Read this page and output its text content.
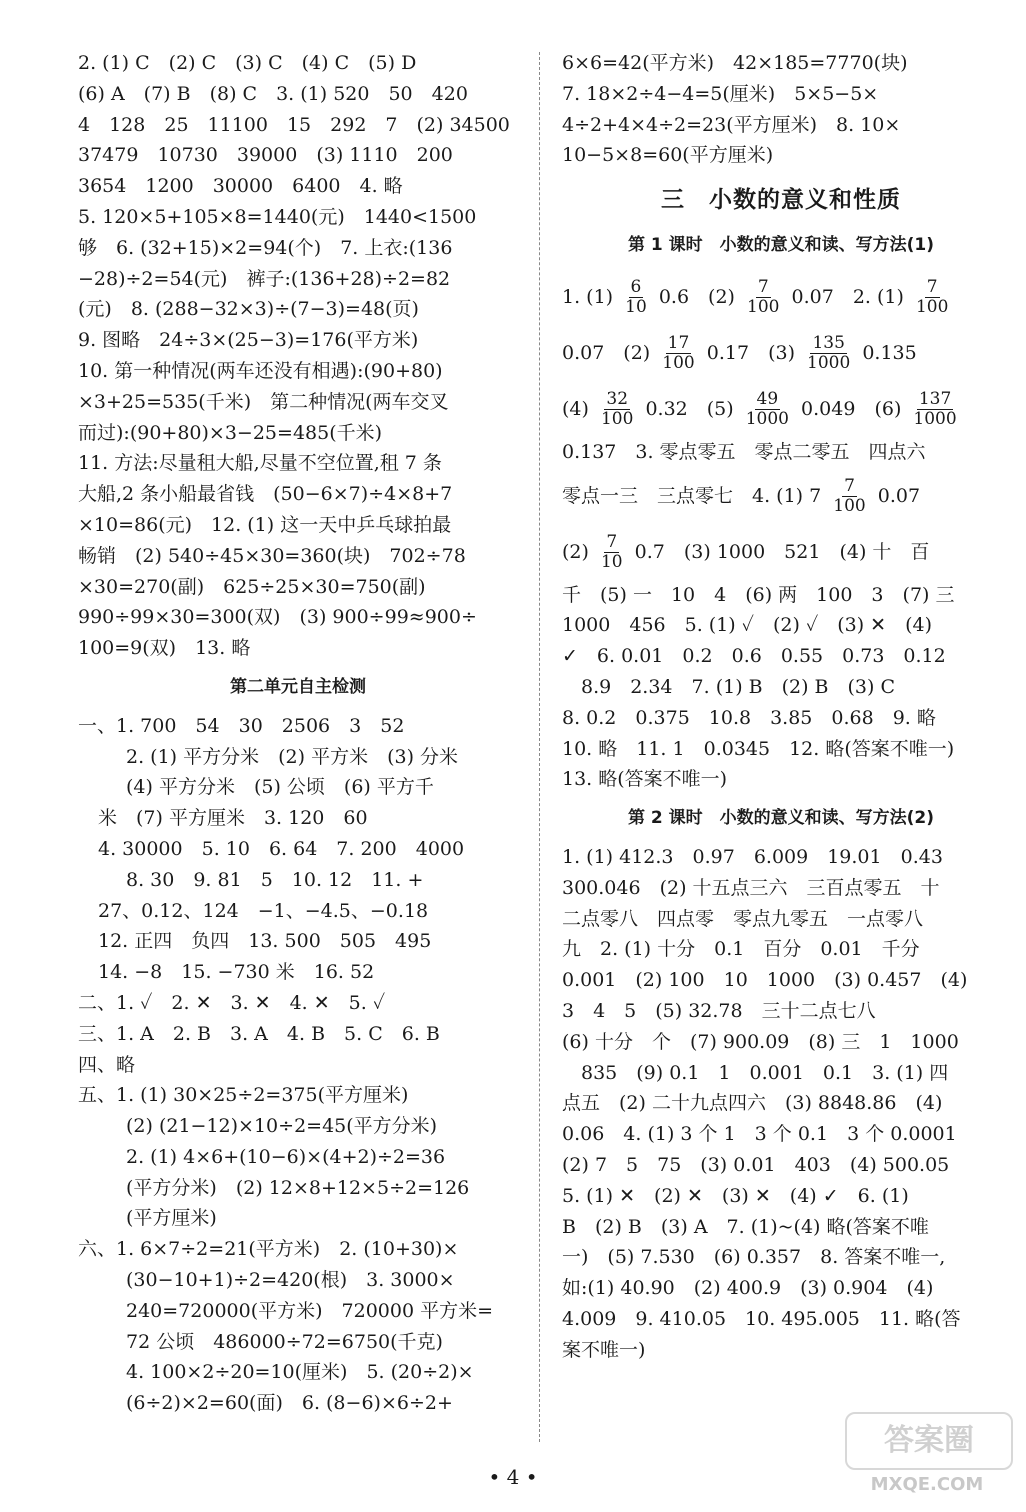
2. (1) C　(2) C　(3) C　(4) C　(5) D
(6) A　(7) B　(8) C　3. (1) 520　50　420
4　128　25　11100　15　292　7　(2) 34500
37479　10730　39000　(3) 1110　200
3654　1200　30000　6400　4. 略
5. 120×5+105×8=1440(元)　1440<1500
够　6. (32+15)×2=94(个)　7. 上衣:(136
−28)÷2=54(元)　裤子:(136+28)÷2=82
(元)　8. (288−32×3)÷(7−3)=48(页)
9. 图略　24÷3×(25−3)=176(平方米)
10. 第一种情况(两车还没有相遇):(90+80)
×3+25=535(千米)　第二种情况(两车交叉
而过):(90+80)×3−25=485(千米)
11. 方法:尽量租大船,尽量不空位置,租 7 条
大船,2 条小船最省钱　(50−6×7)÷4×8+7
×10=86(元)　12. (1) 这一天中乒乓球拍最
畅销　(2) 540÷45×30=360(块)　702÷78
×30=270(副)　625÷25×30=750(副)
990÷99×30=300(双)　(3) 900÷99≈900÷
100=9(双)　13. 略
第二单元自主检测
一、1. 700　54　30　2506　3　52
2. (1) 平方分米　(2) 平方米　(3) 分米
(4) 平方分米　(5) 公顷　(6) 平方千
米　(7) 平方厘米　3. 120　60
4. 30000　5. 10　6. 64　7. 200　4000
8. 30　9. 81　5　10. 12　11. +
27、0.12、124　−1、−4.5、−0.18
12. 正四　负四　13. 500　505　495
14. −8　15. −730 米　16. 52
二、1. ✓　2. ✕　3. ✕　4. ✕　5. ✓
三、1. A　2. B　3. A　4. B　5. C　6. B
四、略
五、1. (1) 30×25÷2=375(平方厘米)
(2) (21−12)×10÷2=45(平方分米)
2. (1) 4×6+(10−6)×(4+2)÷2=36
(平方分米)　(2) 12×8+12×5÷2=126
(平方厘米)
六、1. 6×7÷2=21(平方米)　2. (10+30)×
(30−10+1)÷2=420(根)　3. 3000×
240=720000(平方米)　720000 平方米=
72 公顷　486000÷72=6750(千克)
4. 100×2÷20=10(厘米)　5. (20÷2)×
(6÷2)×2=60(面)　6. (8−6)×6÷2+
6×6=42(平方米)　42×185=7770(块)
7. 18×2÷4−4=5(厘米)　5×5−5×
4÷2+4×4÷2=23(平方厘米)　8. 10×
10−5×8=60(平方厘米)
三　小数的意义和性质
第 1 课时　小数的意义和读、写方法(1)
1. $(1) \frac{6}{10} 0.6$　$(2) \frac{7}{100} 0.07$　2. $(1) \frac{7}{100}$
0.07　$(2) \frac{17}{100} 0.17$　$(3) \frac{135}{1000} 0.135$
$(4) \frac{32}{100} 0.32$　$(5) \frac{49}{1000} 0.049$　$(6) \frac{137}{1000}$
0.137　3. 零点零五　零点二零五　四点六
零点一三　三点零七　4. (1) $7 \frac{7}{100} 0.07$
$(2) \frac{7}{10} 0.7$　(3) 1000　521　(4) 十　百
千　(5) 一　10　4　(6) 两　100　3　(7) 三
1000　456　5. (1) ✓　(2) ✓　(3) ✕　(4)
✓　6. 0.01　0.2　0.6　0.55　0.73　0.12
　8.9　2.34　7. (1) B　(2) B　(3) C
8. 0.2　0.375　10.8　3.85　0.68　9. 略
10. 略　11. 1　0.0345　12. 略(答案不唯一)
13. 略(答案不唯一)
第 2 课时　小数的意义和读、写方法(2)
1. (1) 412.3　0.97　6.009　19.01　0.43
300.046　(2) 十五点三六　三百点零五　十
二点零八　四点零　零点九零五　一点零八
九　2. (1) 十分　0.1　百分　0.01　千分
0.001　(2) 100　10　1000　(3) 0.457　(4)
3　4　5　(5) 32.78　三十二点七八
(6) 十分　个　(7) 900.09　(8) 三　1　1000
　835　(9) 0.1　1　0.001　0.1　3. (1) 四
点五　(2) 二十九点四六　(3) 8848.86　(4)
0.06　4. (1) 3 个 1　3 个 0.1　3 个 0.0001
(2) 7　5　75　(3) 0.01　403　(4) 500.05
5. (1) ✕　(2) ✕　(3) ✕　(4) ✓　6. (1)
B　(2) B　(3) A　7. (1)~(4) 略(答案不唯
一)　(5) 7.530　(6) 0.357　8. 答案不唯一,
如:(1) 40.90　(2) 400.9　(3) 0.904　(4)
4.009　9. 410.05　10. 495.005　11. 略(答
案不唯一)
• 4 •
答案圈
MXQE.COM
